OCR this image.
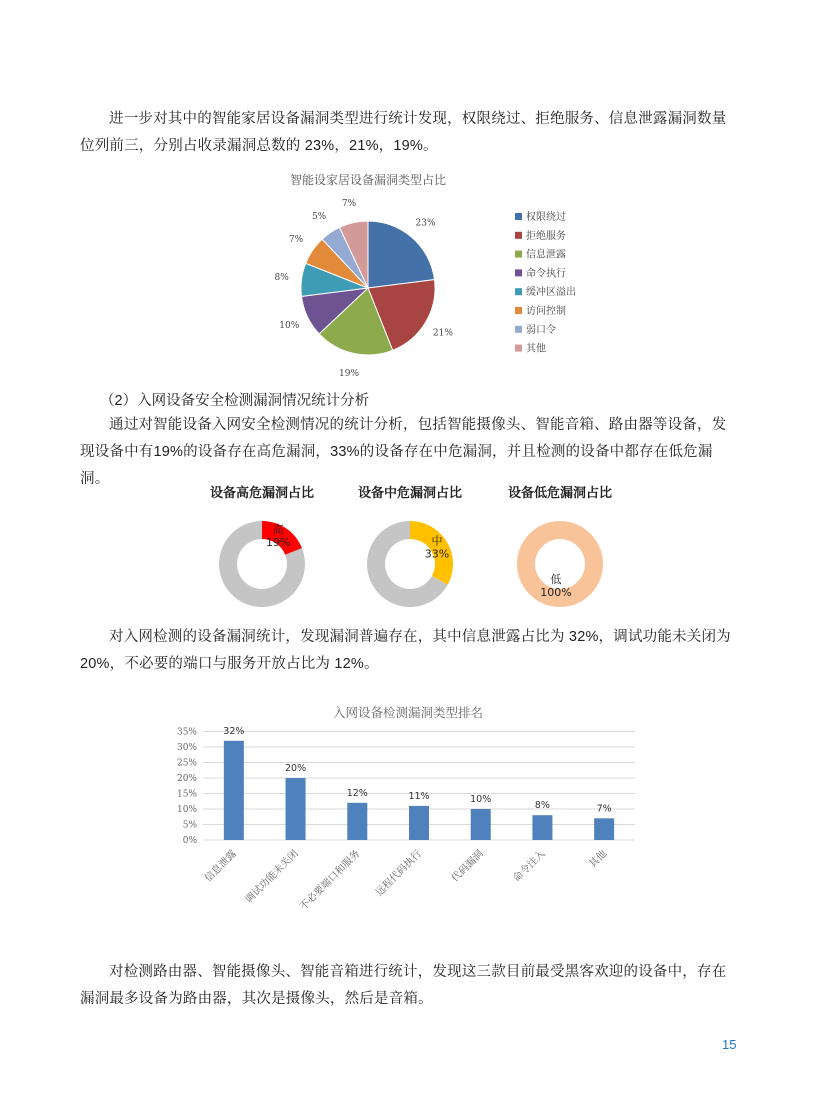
进一步对其中的智能家居设备漏洞类型进行统计发现，权限绕过、拒绝服务、信息泄露漏洞数量位列前三，分别占收录漏洞总数的 23%，21%，19%。

智能设家居设备漏洞类型占比
23%
权限绕过
21%
拒绝服务
19%
信息泄露
10%
命令执行
8%
缓冲区溢出
7%
访问控制
5%
弱口令
7%
其他

（2）入网设备安全检测漏洞情况统计分析

通过对智能设备入网安全检测情况的统计分析，包括智能摄像头、智能音箱、路由器等设备，发现设备中有19%的设备存在高危漏洞，33%的设备存在中危漏洞，并且检测的设备中都存在低危漏洞。

设备高危漏洞占比
高
19%
设备中危漏洞占比
中
33%
设备低危漏洞占比
低
100%

对入网检测的设备漏洞统计，发现漏洞普遍存在，其中信息泄露占比为 32%，调试功能未关闭为 20%，不必要的端口与服务开放占比为 12%。

入网设备检测漏洞类型排名
0%
5%
10%
15%
20%
25%
30%
35%	32%
信息泄露
20%
调试功能未关闭
12%
不必要端口和服务
11%
远程代码执行
10%
代码漏洞
8%
命令注入
7%
其他

对检测路由器、智能摄像头、智能音箱进行统计，发现这三款目前最受黑客欢迎的设备中，存在漏洞最多设备为路由器，其次是摄像头，然后是音箱。

15
